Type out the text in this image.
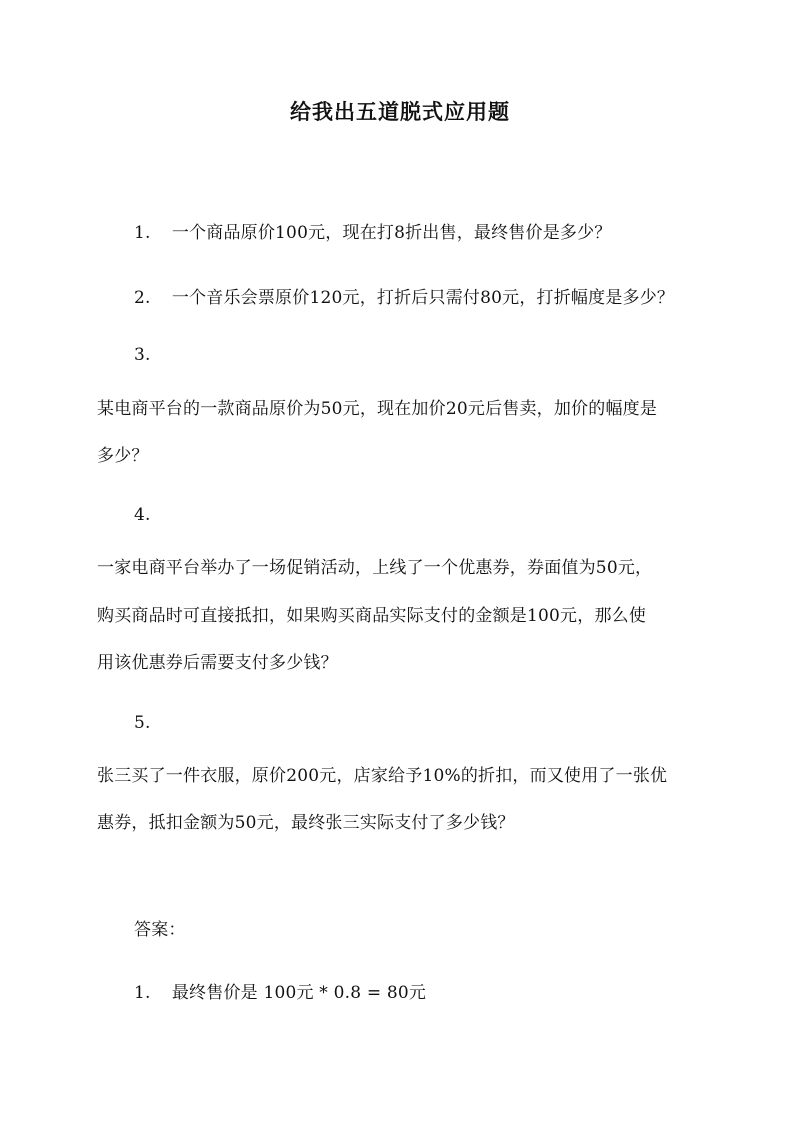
给我出五道脱式应用题
1. 一个商品原价100元，现在打8折出售，最终售价是多少？
2. 一个音乐会票原价120元，打折后只需付80元，打折幅度是多少？
3.
某电商平台的一款商品原价为50元，现在加价20元后售卖，加价的幅度是
多少？
4.
一家电商平台举办了一场促销活动，上线了一个优惠券，券面值为50元，
购买商品时可直接抵扣，如果购买商品实际支付的金额是100元，那么使
用该优惠券后需要支付多少钱？
5.
张三买了一件衣服，原价200元，店家给予10%的折扣，而又使用了一张优
惠券，抵扣金额为50元，最终张三实际支付了多少钱？
答案：
1. 最终售价是 100元 * 0.8 = 80元
